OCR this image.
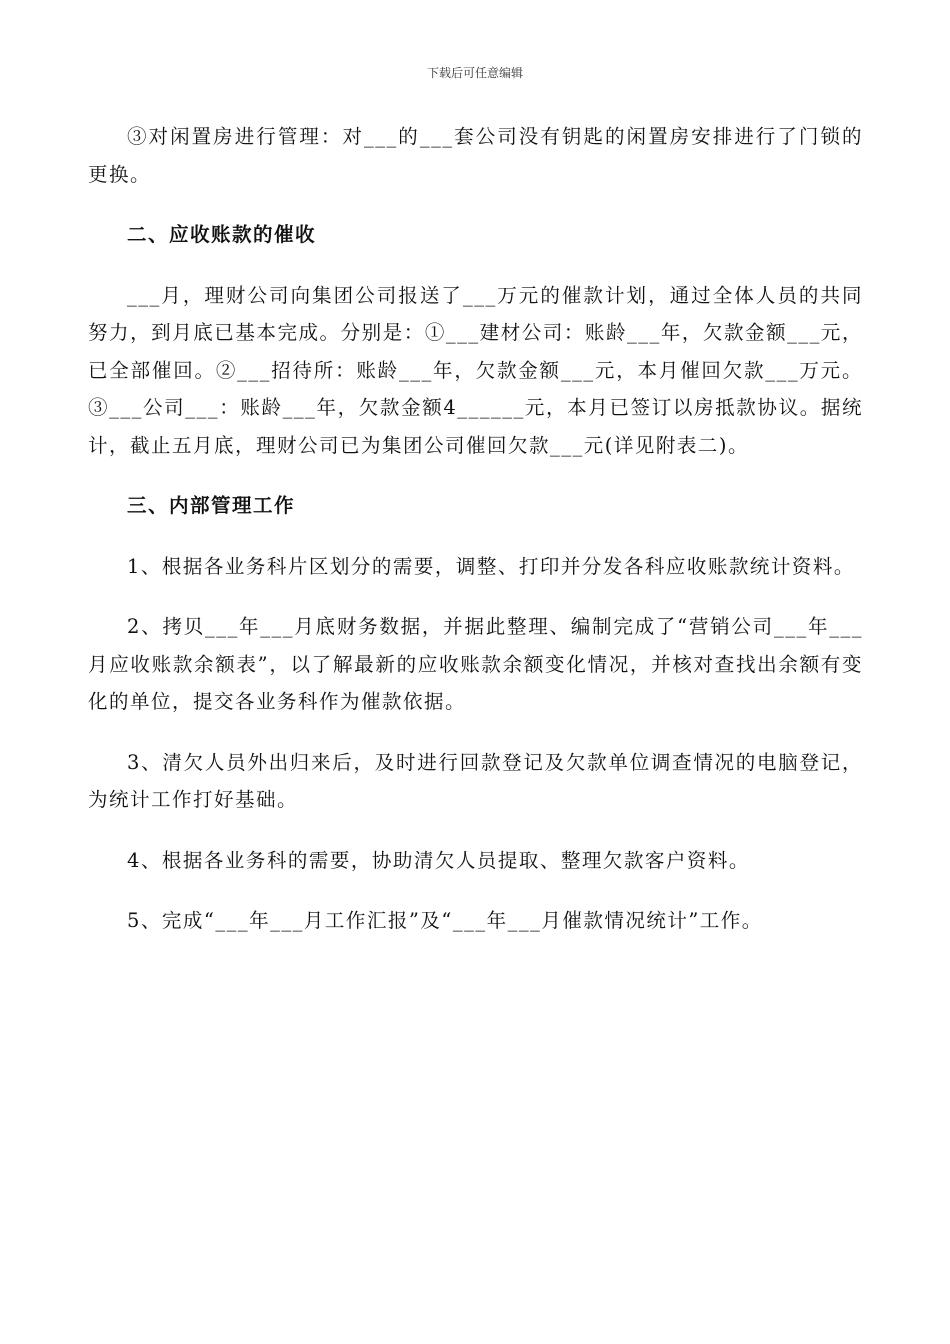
下载后可任意编辑

③对闲置房进行管理：对___的___套公司没有钥匙的闲置房安排进行了门锁的更换。

二、应收账款的催收

___月，理财公司向集团公司报送了___万元的催款计划，通过全体人员的共同努力，到月底已基本完成。分别是：①___建材公司：账龄___年，欠款金额___元，已全部催回。②___招待所：账龄___年，欠款金额___元，本月催回欠款___万元。③___公司___：账龄___年，欠款金额4______元，本月已签订以房抵款协议。据统计，截止五月底，理财公司已为集团公司催回欠款___元(详见附表二)。

三、内部管理工作

1、根据各业务科片区划分的需要，调整、打印并分发各科应收账款统计资料。

2、拷贝___年___月底财务数据，并据此整理、编制完成了“营销公司___年___月应收账款余额表”，以了解最新的应收账款余额变化情况，并核对查找出余额有变化的单位，提交各业务科作为催款依据。

3、清欠人员外出归来后，及时进行回款登记及欠款单位调查情况的电脑登记，为统计工作打好基础。

4、根据各业务科的需要，协助清欠人员提取、整理欠款客户资料。

5、完成“___年___月工作汇报”及“___年___月催款情况统计”工作。
